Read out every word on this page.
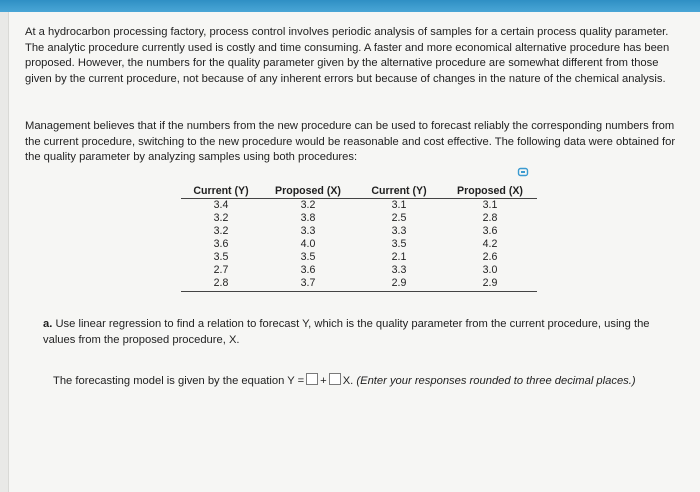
At a hydrocarbon processing factory, process control involves periodic analysis of samples for a certain process quality parameter. The analytic procedure currently used is costly and time consuming. A faster and more economical alternative procedure has been proposed. However, the numbers for the quality parameter given by the alternative procedure are somewhat different from those given by the current procedure, not because of any inherent errors but because of changes in the nature of the chemical analysis.

Management believes that if the numbers from the new procedure can be used to forecast reliably the corresponding numbers from the current procedure, switching to the new procedure would be reasonable and cost effective. The following data were obtained for the quality parameter by analyzing samples using both procedures:

Current (Y)	Proposed (X)	Current (Y)	Proposed (X)
3.4	3.2	3.1	3.1
3.2	3.8	2.5	2.8
3.2	3.3	3.3	3.6
3.6	4.0	3.5	4.2
3.5	3.5	2.1	2.6
2.7	3.6	3.3	3.0
2.8	3.7	2.9	2.9

a. Use linear regression to find a relation to forecast Y, which is the quality parameter from the current procedure, using the values from the proposed procedure, X.

The forecasting model is given by the equation Y = + X. (Enter your responses rounded to three decimal places.)
